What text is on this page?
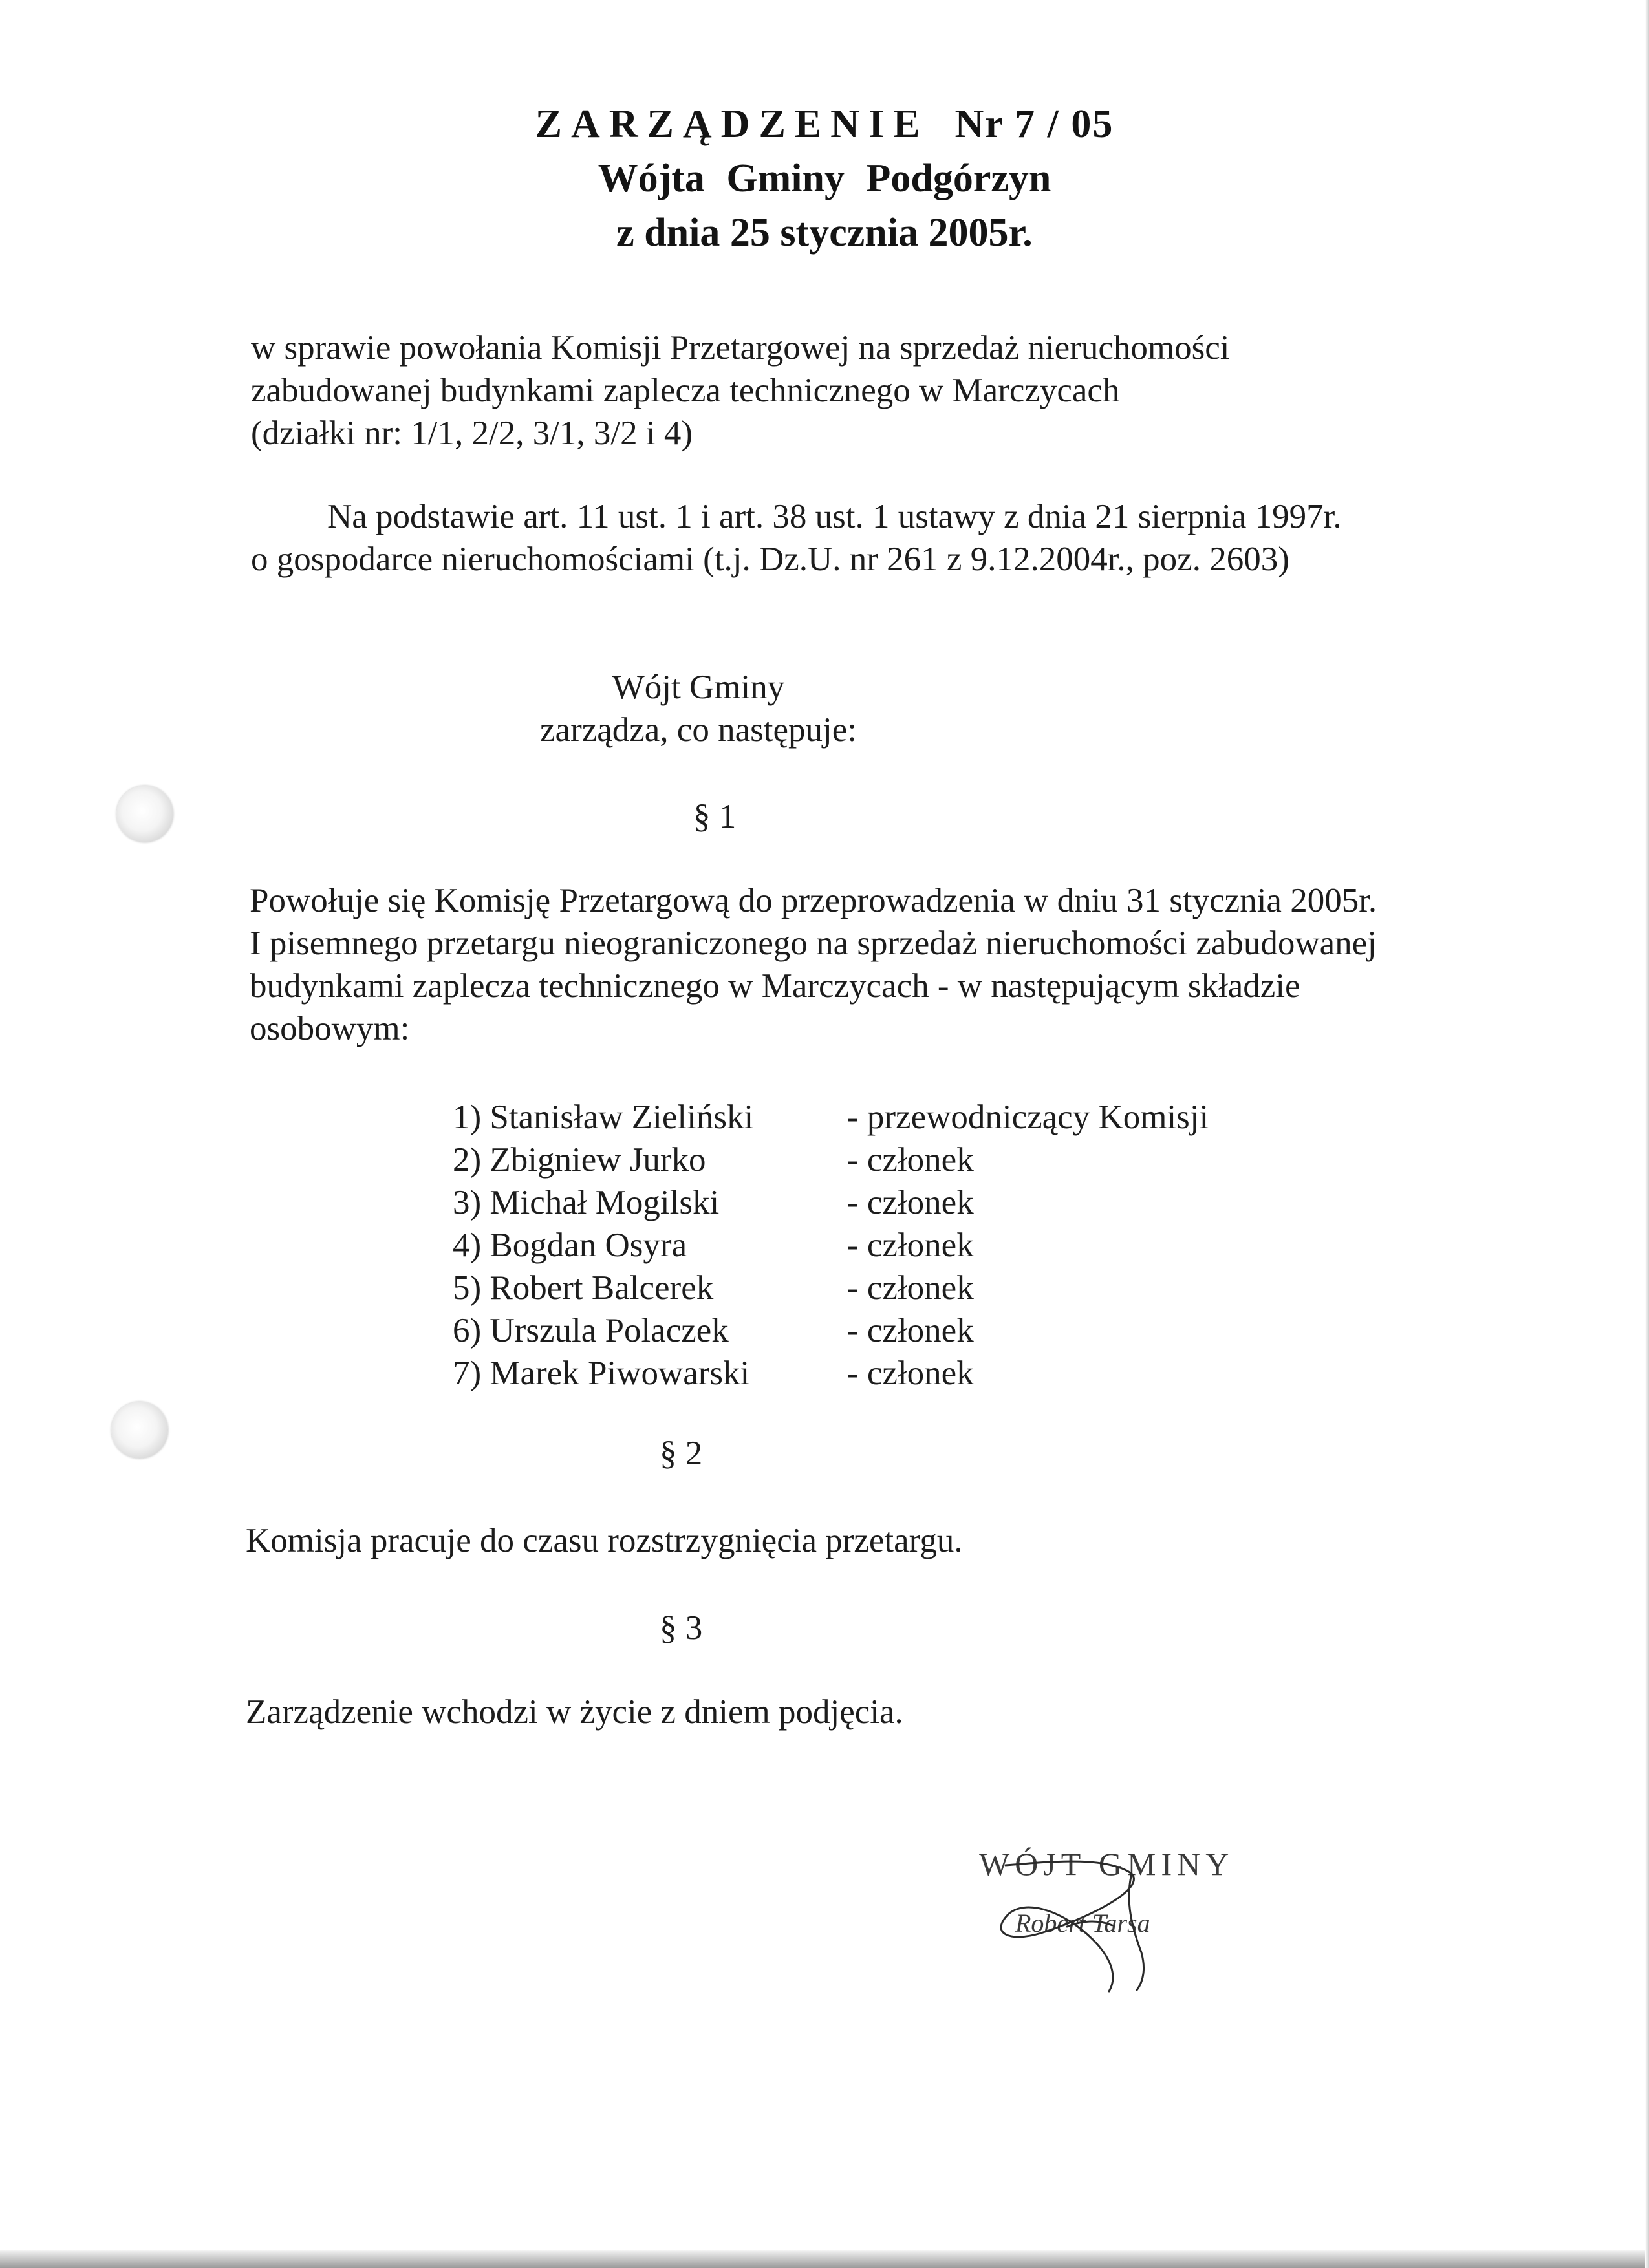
ZARZĄDZENIE Nr 7 / 05
Wójta Gminy Podgórzyn
z dnia 25 stycznia 2005r.
w sprawie powołania Komisji Przetargowej na sprzedaż nieruchomości
zabudowanej budynkami zaplecza technicznego w Marczycach
(działki nr: 1/1, 2/2, 3/1, 3/2 i 4)
Na podstawie art. 11 ust. 1 i art. 38 ust. 1 ustawy z dnia 21 sierpnia 1997r.
o gospodarce nieruchomościami (t.j. Dz.U. nr 261 z 9.12.2004r., poz. 2603)
Wójt Gminy
zarządza, co następuje:
§ 1
Powołuje się Komisję Przetargową do przeprowadzenia w dniu 31 stycznia 2005r.
I pisemnego przetargu nieograniczonego na sprzedaż nieruchomości zabudowanej
budynkami zaplecza technicznego w Marczycach - w następującym składzie
osobowym:
1) Stanisław Zieliński	- przewodniczący Komisji
2) Zbigniew Jurko	- członek
3) Michał Mogilski	- członek
4) Bogdan Osyra	- członek
5) Robert Balcerek	- członek
6) Urszula Polaczek	- członek
7) Marek Piwowarski	- członek
§ 2
Komisja pracuje do czasu rozstrzygnięcia przetargu.
§ 3
Zarządzenie wchodzi w życie z dniem podjęcia.
WÓJT GMINY
Robert Tarsa
